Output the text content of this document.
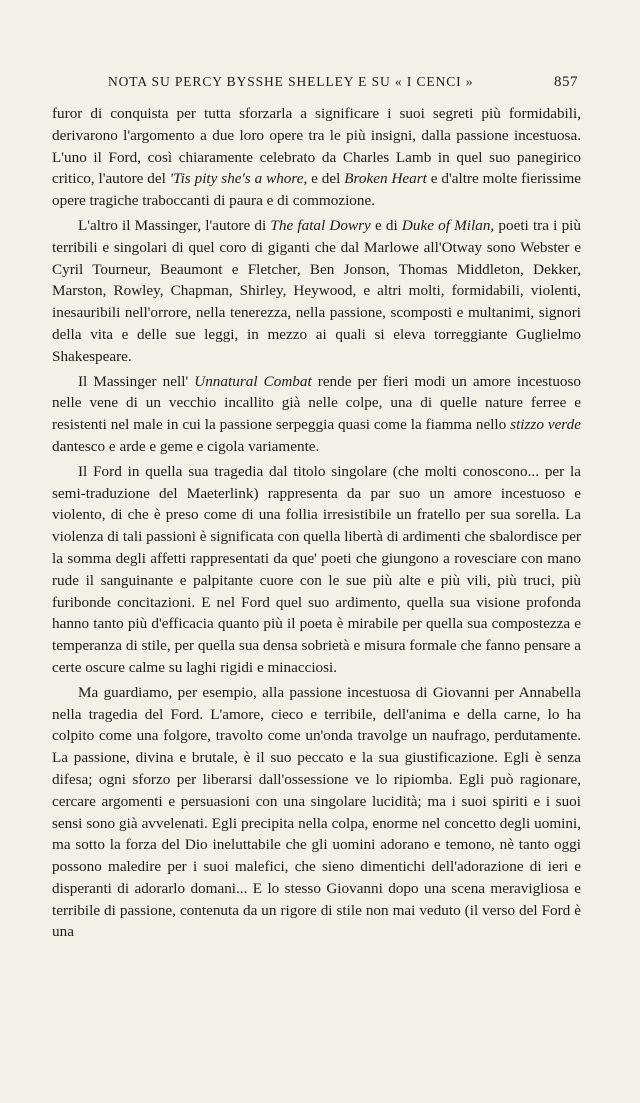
NOTA SU PERCY BYSSHE SHELLEY E SU « I CENCI »	857

furor di conquista per tutta sforzarla a significare i suoi segreti più formidabili, derivarono l'argomento a due loro opere tra le più insigni, dalla passione incestuosa. L'uno il Ford, così chiaramente celebrato da Charles Lamb in quel suo panegirico critico, l'autore del 'Tis pity she's a whore, e del Broken Heart e d'altre molte fierissime opere tragiche traboccanti di paura e di commozione.

L'altro il Massinger, l'autore di The fatal Dowry e di Duke of Milan, poeti tra i più terribili e singolari di quel coro di giganti che dal Marlowe all'Otway sono Webster e Cyril Tourneur, Beaumont e Fletcher, Ben Jonson, Thomas Middleton, Dekker, Marston, Rowley, Chapman, Shirley, Heywood, e altri molti, formidabili, violenti, inesauribili nell'orrore, nella tenerezza, nella passione, scomposti e multanimi, signori della vita e delle sue leggi, in mezzo ai quali si eleva torreggiante Guglielmo Shakespeare.

Il Massinger nell' Unnatural Combat rende per fieri modi un amore incestuoso nelle vene di un vecchio incallito già nelle colpe, una di quelle nature ferree e resistenti nel male in cui la passione serpeggia quasi come la fiamma nello stizzo verde dantesco e arde e geme e cigola variamente.

Il Ford in quella sua tragedia dal titolo singolare (che molti conoscono... per la semi-traduzione del Maeterlink) rappresenta da par suo un amore incestuoso e violento, di che è preso come di una follia irresistibile un fratello per sua sorella. La violenza di tali passioni è significata con quella libertà di ardimenti che sbalordisce per la somma degli affetti rappresentati da que' poeti che giungono a rovesciare con mano rude il sanguinante e palpitante cuore con le sue più alte e più vili, più truci, più furibonde concitazioni. E nel Ford quel suo ardimento, quella sua visione profonda hanno tanto più d'efficacia quanto più il poeta è mirabile per quella sua compostezza e temperanza di stile, per quella sua densa sobrietà e misura formale che fanno pensare a certe oscure calme su laghi rigidi e minacciosi.

Ma guardiamo, per esempio, alla passione incestuosa di Giovanni per Annabella nella tragedia del Ford. L'amore, cieco e terribile, dell'anima e della carne, lo ha colpito come una folgore, travolto come un'onda travolge un naufrago, perdutamente. La passione, divina e brutale, è il suo peccato e la sua giustificazione. Egli è senza difesa; ogni sforzo per liberarsi dall'ossessione ve lo ripiomba. Egli può ragionare, cercare argomenti e persuasioni con una singolare lucidità; ma i suoi spiriti e i suoi sensi sono già avvelenati. Egli precipita nella colpa, enorme nel concetto degli uomini, ma sotto la forza del Dio ineluttabile che gli uomini adorano e temono, nè tanto oggi possono maledire per i suoi malefici, che sieno dimentichi dell'adorazione di ieri e disperanti di adorarlo domani... E lo stesso Giovanni dopo una scena meravigliosa e terribile di passione, contenuta da un rigore di stile non mai veduto (il verso del Ford è una
